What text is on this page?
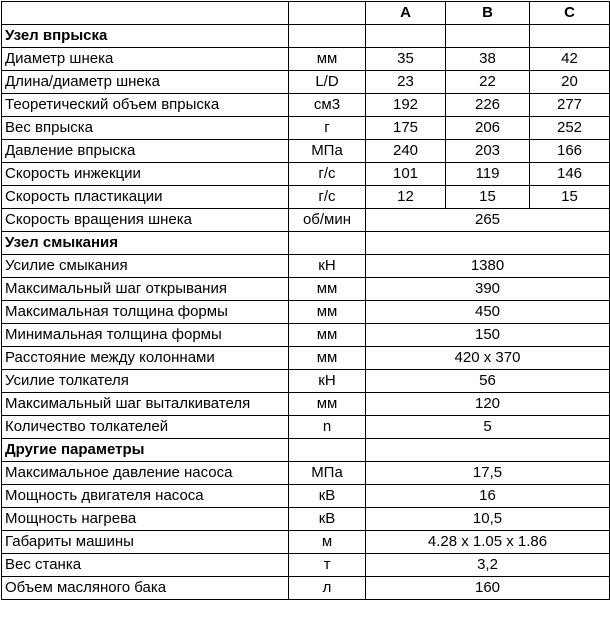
		A	B	C
Узел впрыска				
Диаметр шнека	мм	35	38	42
Длина/диаметр шнека	L/D	23	22	20
Теоретический объем впрыска	см3	192	226	277
Вес впрыска	г	175	206	252
Давление впрыска	МПа	240	203	166
Скорость инжекции	г/с	101	119	146
Скорость пластикации	г/с	12	15	15
Скорость вращения шнека	об/мин	265		
Узел смыкания				
Усилие смыкания	кН	1380		
Максимальный шаг открывания	мм	390		
Максимальная толщина формы	мм	450		
Минимальная толщина формы	мм	150		
Расстояние между колоннами	мм	420 x 370		
Усилие толкателя	кН	56		
Максимальный шаг выталкивателя	мм	120		
Количество толкателей	n	5		
Другие параметры				
Максимальное давление насоса	МПа	17,5		
Мощность двигателя насоса	кВ	16		
Мощность нагрева	кВ	10,5		
Габариты машины	м	4.28 x 1.05 x 1.86		
Вес станка	т	3,2		
Объем масляного бака	л	160		
